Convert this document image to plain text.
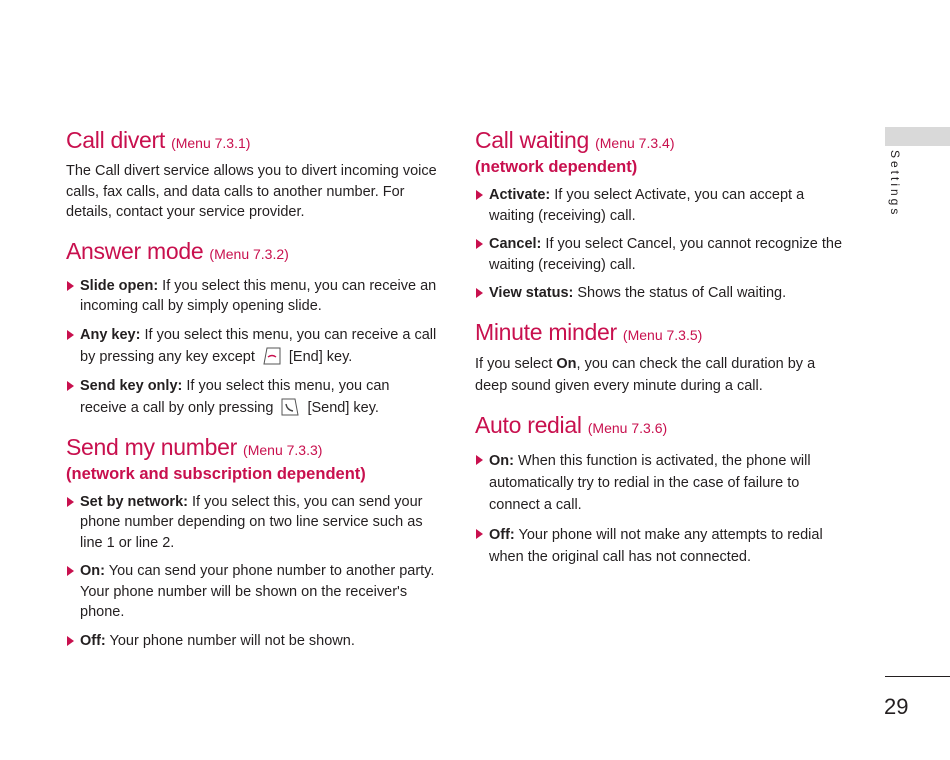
Call divert (Menu 7.3.1)

The Call divert service allows you to divert incoming voice calls, fax calls, and data calls to another number. For details, contact your service provider.

Answer mode (Menu 7.3.2)
Slide open: If you select this menu, you can receive an incoming call by simply opening slide.
Any key: If you select this menu, you can receive a call by pressing any key except [End] key.
Send key only: If you select this menu, you can receive a call by only pressing [Send] key.
Send my number (Menu 7.3.3)
(network and subscription dependent)
Set by network: If you select this, you can send your phone number depending on two line service such as line 1 or line 2.
On: You can send your phone number to another party. Your phone number will be shown on the receiver's phone.
Off: Your phone number will not be shown.
Call waiting (Menu 7.3.4)
(network dependent)
Activate: If you select Activate, you can accept a waiting (receiving) call.
Cancel: If you select Cancel, you cannot recognize the waiting (receiving) call.
View status: Shows the status of Call waiting.
Minute minder (Menu 7.3.5)

If you select On, you can check the call duration by a deep sound given every minute during a call.

Auto redial (Menu 7.3.6)
On: When this function is activated, the phone will automatically try to redial in the case of failure to connect a call.
Off: Your phone will not make any attempts to redial when the original call has not connected.
Settings
29
